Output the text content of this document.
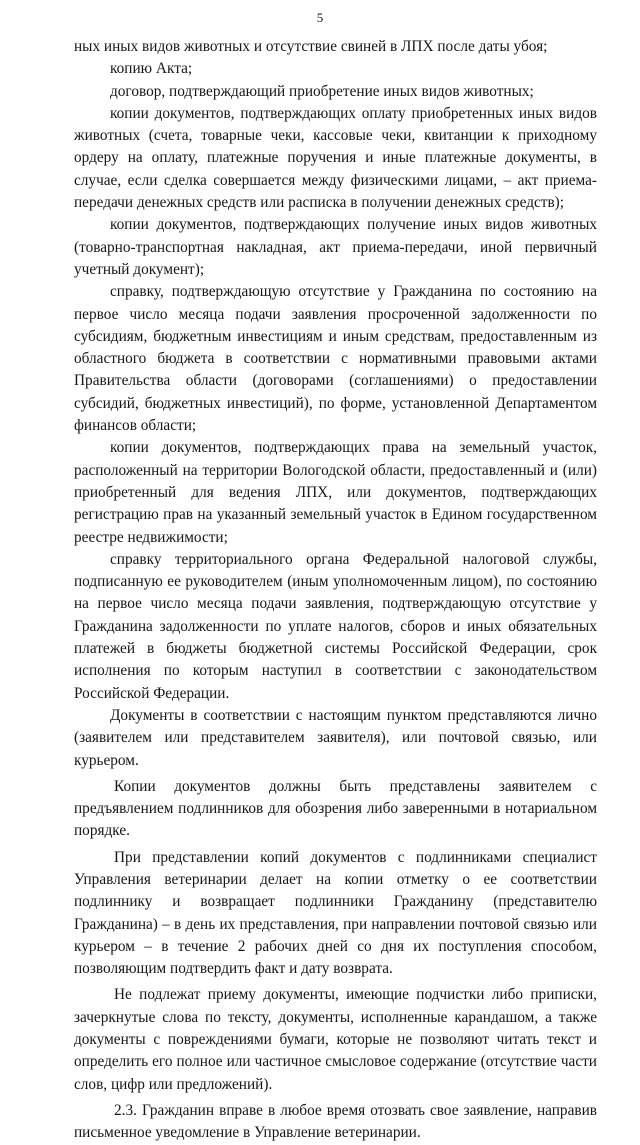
5

ных иных видов животных и отсутствие свиней в ЛПХ после даты убоя;

копию Акта;

договор, подтверждающий приобретение иных видов животных;

копии документов, подтверждающих оплату приобретенных иных видов животных (счета, товарные чеки, кассовые чеки, квитанции к приходному ордеру на оплату, платежные поручения и иные платежные документы, в случае, если сделка совершается между физическими лицами, – акт приема-передачи денежных средств или расписка в получении денежных средств);

копии документов, подтверждающих получение иных видов животных (товарно-транспортная накладная, акт приема-передачи, иной первичный учетный документ);

справку, подтверждающую отсутствие у Гражданина по состоянию на первое число месяца подачи заявления просроченной задолженности по субсидиям, бюджетным инвестициям и иным средствам, предоставленным из областного бюджета в соответствии с нормативными правовыми актами Правительства области (договорами (соглашениями) о предоставлении субсидий, бюджетных инвестиций), по форме, установленной Департаментом финансов области;

копии документов, подтверждающих права на земельный участок, расположенный на территории Вологодской области, предоставленный и (или) приобретенный для ведения ЛПХ, или документов, подтверждающих регистрацию прав на указанный земельный участок в Едином государственном реестре недвижимости;

справку территориального органа Федеральной налоговой службы, подписанную ее руководителем (иным уполномоченным лицом), по состоянию на первое число месяца подачи заявления, подтверждающую отсутствие у Гражданина задолженности по уплате налогов, сборов и иных обязательных платежей в бюджеты бюджетной системы Российской Федерации, срок исполнения по которым наступил в соответствии с законодательством Российской Федерации.

Документы в соответствии с настоящим пунктом представляются лично (заявителем или представителем заявителя), или почтовой связью, или курьером.

Копии документов должны быть представлены заявителем с предъявлением подлинников для обозрения либо заверенными в нотариальном порядке.

При представлении копий документов с подлинниками специалист Управления ветеринарии делает на копии отметку о ее соответствии подлиннику и возвращает подлинники Гражданину (представителю Гражданина) – в день их представления, при направлении почтовой связью или курьером – в течение 2 рабочих дней со дня их поступления способом, позволяющим подтвердить факт и дату возврата.

Не подлежат приему документы, имеющие подчистки либо приписки, зачеркнутые слова по тексту, документы, исполненные карандашом, а также документы с повреждениями бумаги, которые не позволяют читать текст и определить его полное или частичное смысловое содержание (отсутствие части слов, цифр или предложений).

2.3. Гражданин вправе в любое время отозвать свое заявление, направив письменное уведомление в Управление ветеринарии.
